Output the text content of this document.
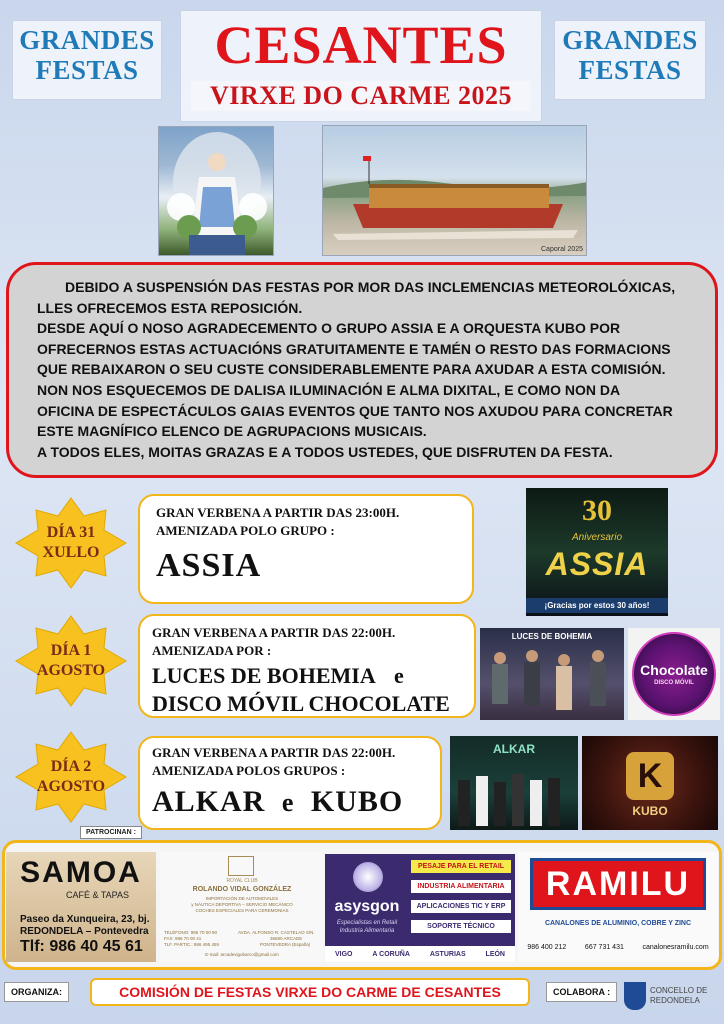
GRANDES
FESTAS
GRANDES
FESTAS
CESANTES
VIRXE DO CARME 2025
Caporal 2025

DEBIDO A SUSPENSIÓN DAS FESTAS POR MOR DAS INCLEMENCIAS METEOROLÓXICAS,

LLES OFRECEMOS ESTA REPOSICIÓN.

DESDE AQUÍ O NOSO AGRADECEMENTO O GRUPO ASSIA E A ORQUESTA KUBO POR

OFRECERNOS ESTAS ACTUACIÓNS GRATUITAMENTE E TAMÉN O RESTO DAS FORMACIONS

QUE REBAIXARON O SEU CUSTE CONSIDERABLEMENTE PARA AXUDAR A ESTA COMISIÓN.

NON NOS ESQUECEMOS DE DALISA ILUMINACIÓN E ALMA DIXITAL, E COMO NON DA

OFICINA DE ESPECTÁCULOS GAIAS EVENTOS QUE TANTO NOS AXUDOU PARA CONCRETAR

ESTE MAGNÍFICO ELENCO DE AGRUPACIONS MUSICAIS.

A TODOS ELES, MOITAS GRAZAS E A TODOS USTEDES, QUE DISFRUTEN DA FESTA.

DÍA 31
XULLO
GRAN VERBENA A PARTIR DAS 23:00H.
AMENIZADA POLO GRUPO :
ASSIA
30
Aniversario
ASSIA
¡Gracias por estos 30 años!
DÍA 1
AGOSTO
GRAN VERBENA A PARTIR DAS 22:00H.
AMENIZADA POR :
LUCES DE BOHEMIA e
DISCO MÓVIL CHOCOLATE
LUCES DE BOHEMIA
Chocolate
DISCO MÓVIL
DÍA 2
AGOSTO
GRAN VERBENA A PARTIR DAS 22:00H.
AMENIZADA POLOS GRUPOS :
ALKAR e KUBO
ALKAR
K
KUBO
PATROCINAN :
SAMOA
CAFÉ & TAPAS
Paseo da Xunqueira, 23, bj.
REDONDELA – Pontevedra
Tlf: 986 40 45 61
ROYAL CLUB
ROLANDO VIDAL GONZÁLEZ
IMPORTACIÓN DE AUTOMOVILES
y NÁUTICA DEPORTIVA – SERVICIO MECÁNICO
COCHES ESPECIALES PARA CEREMONIAS
TELÉFONO: 986 70 00 90
FAX: 986 70 00 41
TLF. PARTIC.: 986 495 459
AVDA. ALFONSO R. CASTELAO S/N.
36690 ARCADE
PONTEVEDRA (España)
E-mail: arcadevigobarco@gmail.com
asysgon
Especialistas en Retail
Industria Alimentaria
PESAJE PARA EL RETAIL
INDUSTRIA ALIMENTARIA
APLICACIONES TIC Y ERP
SOPORTE TÉCNICO
VIGO	A CORUÑA	ASTURIAS	LEÓN
RAMILU
CANALONES DE ALUMINIO, COBRE Y ZINC
986 400 212	667 731 431	canalonesramilu.com
ORGANIZA:	COMISIÓN DE FESTAS VIRXE DO CARME DE CESANTES	COLABORA :	CONCELLO DE
REDONDELA
